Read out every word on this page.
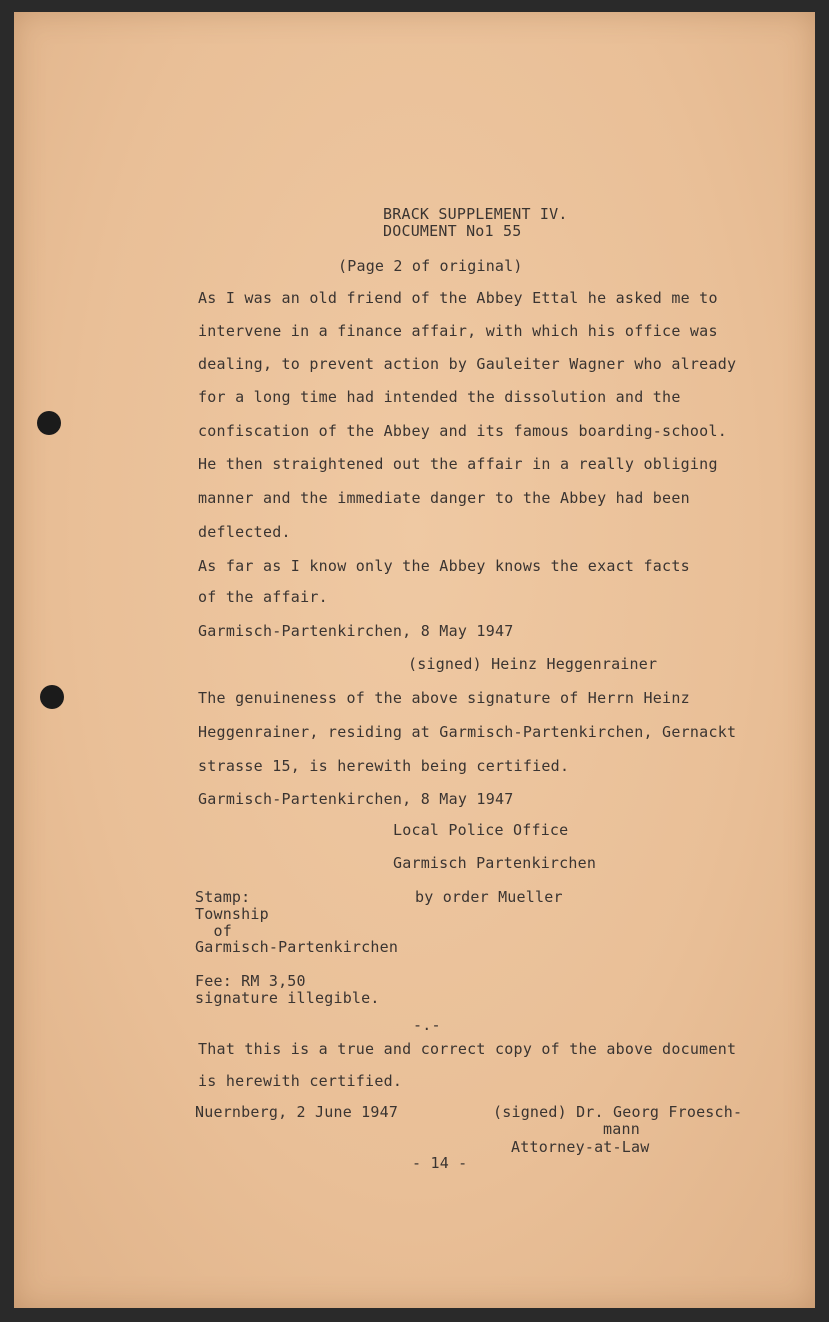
BRACK SUPPLEMENT IV.
DOCUMENT No1 55
(Page 2 of original)
As I was an old friend of the Abbey Ettal he asked me to
intervene in a finance affair, with which his office was
dealing, to prevent action by Gauleiter Wagner who already
for a long time had intended the dissolution and the
confiscation of the Abbey and its famous boarding-school.
He then straightened out the affair in a really obliging
manner and the immediate danger to the Abbey had been
deflected.
As far as I know only the Abbey knows the exact facts
of the affair.
Garmisch-Partenkirchen, 8 May 1947
(signed) Heinz Heggenrainer
The genuineness of the above signature of Herrn Heinz
Heggenrainer, residing at Garmisch-Partenkirchen, Gernackt
strasse 15, is herewith being certified.
Garmisch-Partenkirchen, 8 May 1947
Local Police Office
Garmisch Partenkirchen
Stamp:	by order Mueller
Township
of
Garmisch-Partenkirchen
Fee: RM 3,50
signature illegible.
-.-
That this is a true and correct copy of the above document
is herewith certified.
Nuernberg, 2 June 1947	(signed) Dr. Georg Froesch-
mann
Attorney-at-Law
- 14 -
